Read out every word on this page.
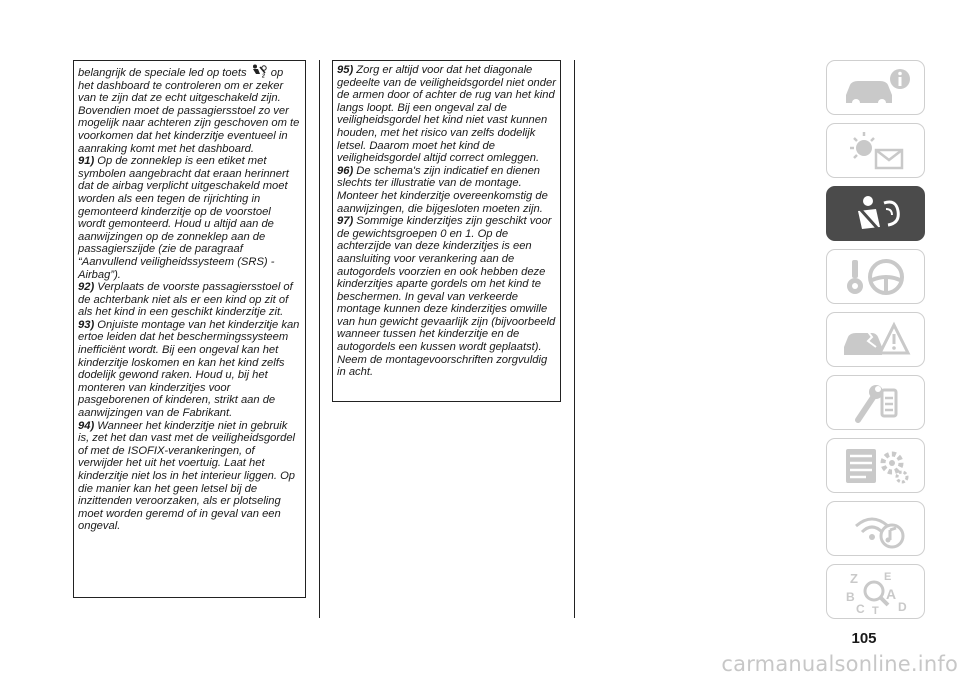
belangrijk de speciale led op toets	2 op het dashboard te controleren om er zeker van te zijn dat ze echt uitgeschakeld zijn. Bovendien moet de passagiersstoel zo ver mogelijk naar achteren zijn geschoven om te voorkomen dat het kinderzitje eventueel in aanraking komt met het dashboard.

91) Op de zonneklep is een etiket met symbolen aangebracht dat eraan herinnert dat de airbag verplicht uitgeschakeld moet worden als een tegen de rijrichting in gemonteerd kinderzitje op de voorstoel wordt gemonteerd. Houd u altijd aan de aanwijzingen op de zonneklep aan de passagierszijde (zie de paragraaf “Aanvullend veiligheidssysteem (SRS) - Airbag”).

92) Verplaats de voorste passagiersstoel of de achterbank niet als er een kind op zit of als het kind in een geschikt kinderzitje zit.

93) Onjuiste montage van het kinderzitje kan ertoe leiden dat het beschermingssysteem inefficiënt wordt. Bij een ongeval kan het kinderzitje loskomen en kan het kind zelfs dodelijk gewond raken. Houd u, bij het monteren van kinderzitjes voor pasgeborenen of kinderen, strikt aan de aanwijzingen van de Fabrikant.

94) Wanneer het kinderzitje niet in gebruik is, zet het dan vast met de veiligheidsgordel of met de ISOFIX-verankeringen, of verwijder het uit het voertuig. Laat het kinderzitje niet los in het interieur liggen. Op die manier kan het geen letsel bij de inzittenden veroorzaken, als er plotseling moet worden geremd of in geval van een ongeval.

95) Zorg er altijd voor dat het diagonale gedeelte van de veiligheidsgordel niet onder de armen door of achter de rug van het kind langs loopt. Bij een ongeval zal de veiligheidsgordel het kind niet vast kunnen houden, met het risico van zelfs dodelijk letsel. Daarom moet het kind de veiligheidsgordel altijd correct omleggen.

96) De schema's zijn indicatief en dienen slechts ter illustratie van de montage. Monteer het kinderzitje overeenkomstig de aanwijzingen, die bijgesloten moeten zijn.

97) Sommige kinderzitjes zijn geschikt voor de gewichtsgroepen 0 en 1. Op de achterzijde van deze kinderzitjes is een aansluiting voor verankering aan de autogordels voorzien en ook hebben deze kinderzitjes aparte gordels om het kind te beschermen. In geval van verkeerde montage kunnen deze kinderzitjes omwille van hun gewicht gevaarlijk zijn (bijvoorbeeld wanneer tussen het kinderzitje en de autogordels een kussen wordt geplaatst). Neem de montagevoorschriften zorgvuldig in acht.

Z E
B A
C	D
T
105
carmanualsonline.info
